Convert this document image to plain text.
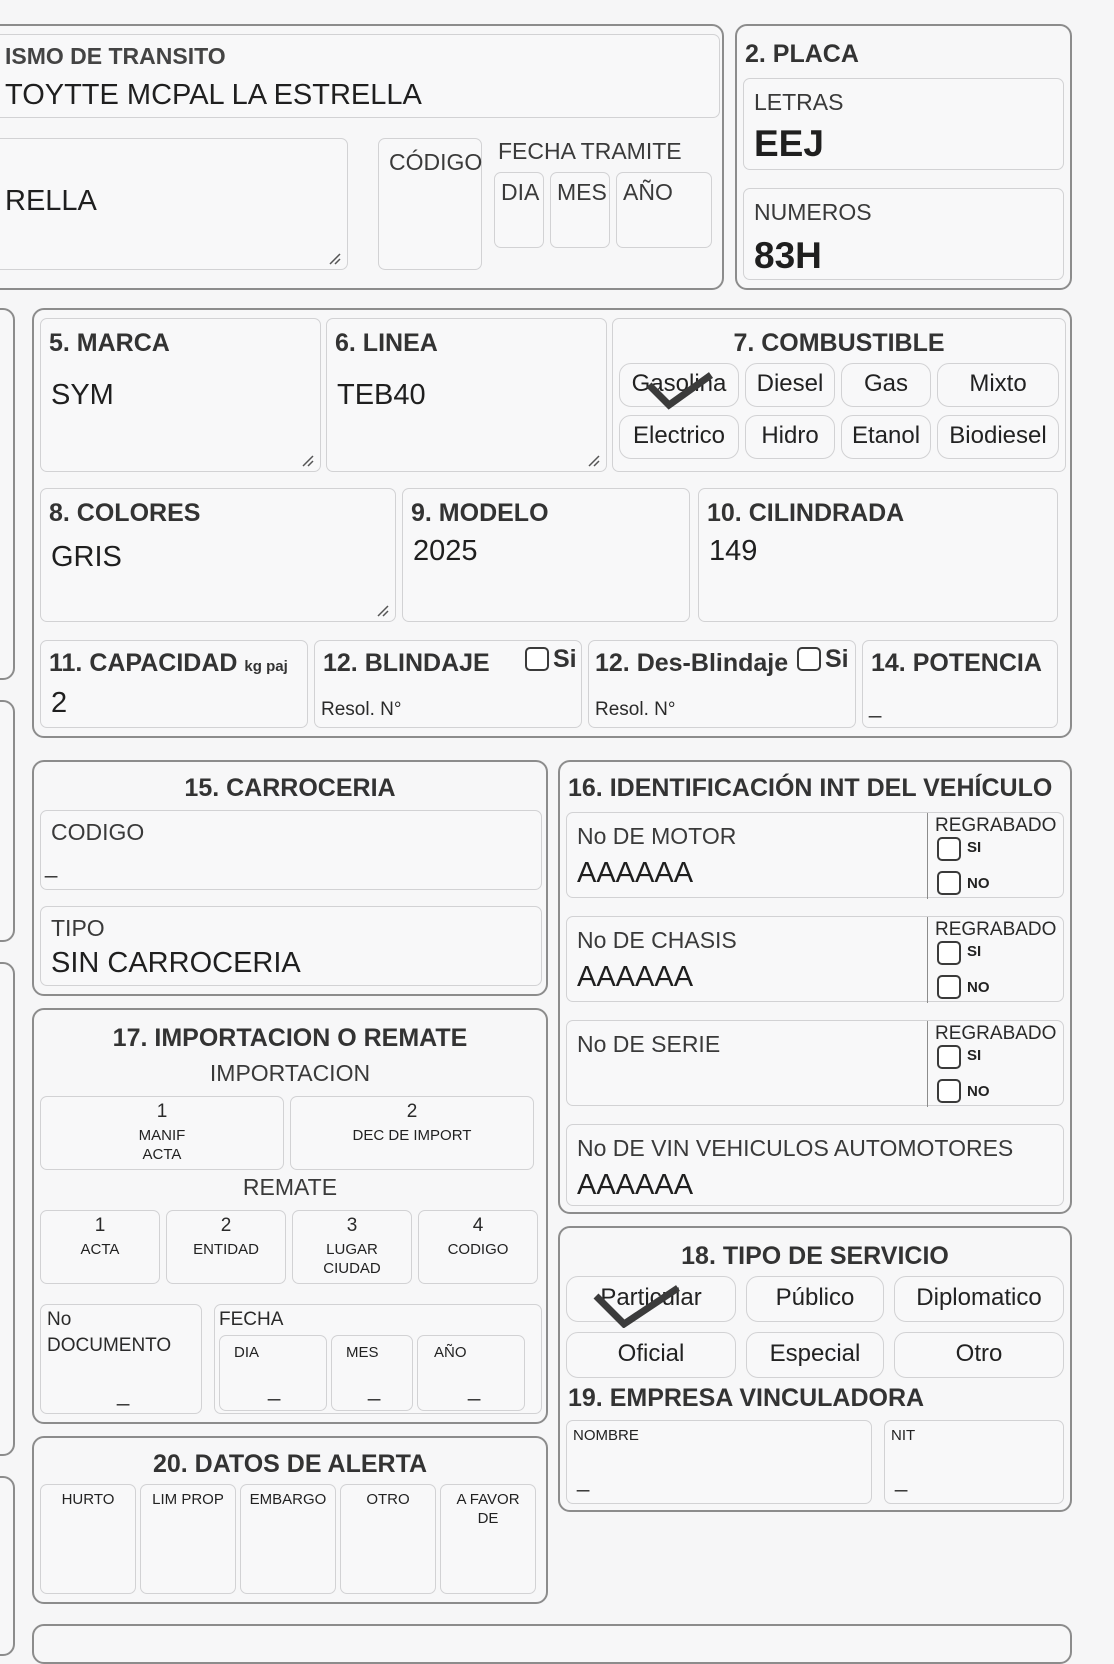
ISMO DE TRANSITO
TOYTTE MCPAL LA ESTRELLA
RELLA
CÓDIGO FECHA TRAMITE
DIA MES AÑO
2. PLACA
LETRAS
EEJ
NUMEROS
83H
5. MARCA
SYM
6. LINEA
TEB40
7. COMBUSTIBLE
Gasolina	Diesel	Gas	Mixto
Electrico	Hidro	Etanol	Biodiesel
8. COLORES
GRIS
9. MODELO
2025
10. CILINDRADA
149
11. CAPACIDAD kg paj
2
12. BLINDAJE	Si
Resol. N°
12. Des-Blindaje Si
Resol. N°
14. POTENCIA
_
15. CARROCERIA
CODIGO
_
TIPO
SIN CARROCERIA
16. IDENTIFICACIÓN INT DEL VEHÍCULO
No DE MOTOR
AAAAAA
REGRABADO
SI
NO
No DE CHASIS
AAAAAA
REGRABADO
SI
NO
No DE SERIE	REGRABADO
SI
NO
No DE VIN VEHICULOS AUTOMOTORES
AAAAAA
17. IMPORTACION O REMATE
IMPORTACION
1
MANIF
ACTA
2
DEC DE IMPORT
REMATE
1
ACTA
2
ENTIDAD
3
LUGAR
CIUDAD
4
CODIGO
No
DOCUMENTO
_
FECHA
DIA
_
MES
_
AÑO
_
18. TIPO DE SERVICIO
Particular	Público	Diplomatico
Oficial	Especial	Otro
19. EMPRESA VINCULADORA
NOMBRE
_
NIT
_
20. DATOS DE ALERTA
HURTO	LIM PROP	EMBARGO	OTRO	A FAVOR
DE
